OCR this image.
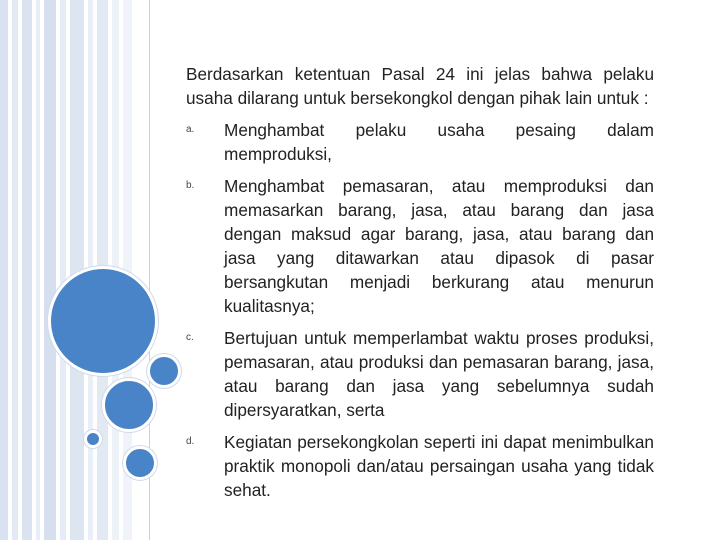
Berdasarkan ketentuan Pasal 24 ini jelas bahwa pelaku usaha dilarang untuk bersekongkol dengan pihak lain untuk :

a.	Menghambat pelaku usaha pesaing dalam memproduksi,
b.	Menghambat pemasaran, atau memproduksi dan memasarkan barang, jasa, atau barang dan jasa dengan maksud agar barang, jasa, atau barang dan jasa yang ditawarkan atau dipasok di pasar bersangkutan menjadi berkurang atau menurun kualitasnya;
c.	Bertujuan untuk memperlambat waktu proses produksi, pemasaran, atau produksi dan pemasaran barang, jasa, atau barang dan jasa yang sebelumnya sudah dipersyaratkan, serta
d.	Kegiatan persekongkolan seperti ini dapat menimbulkan praktik monopoli dan/atau persaingan usaha yang tidak sehat.
